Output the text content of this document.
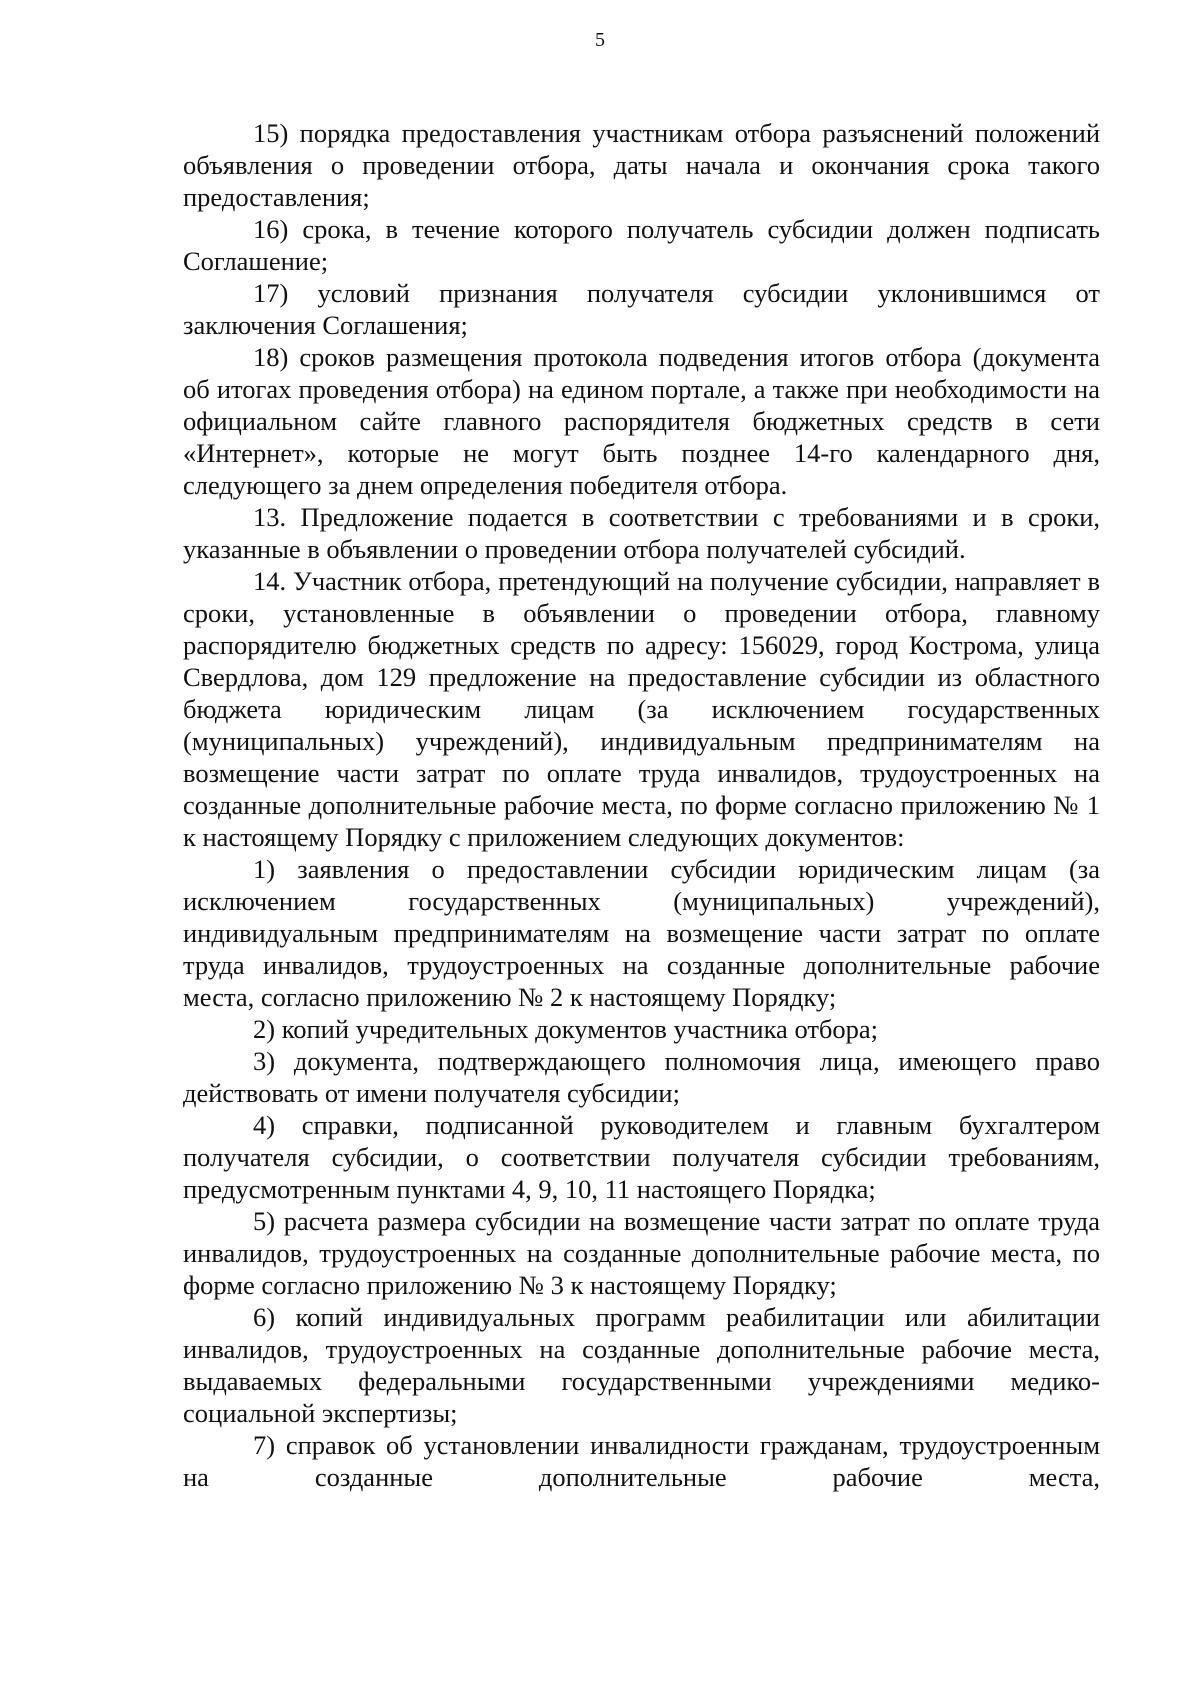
5

15) порядка предоставления участникам отбора разъяснений положений объявления о проведении отбора, даты начала и окончания срока такого предоставления;

16) срока, в течение которого получатель субсидии должен подписать Соглашение;

17) условий признания получателя субсидии уклонившимся от заключения Соглашения;

18) сроков размещения протокола подведения итогов отбора (документа об итогах проведения отбора) на едином портале, а также при необходимости на официальном сайте главного распорядителя бюджетных средств в сети «Интернет», которые не могут быть позднее 14-го календарного дня, следующего за днем определения победителя отбора.

13. Предложение подается в соответствии с требованиями и в сроки, указанные в объявлении о проведении отбора получателей субсидий.

14. Участник отбора, претендующий на получение субсидии, направляет в сроки, установленные в объявлении о проведении отбора, главному распорядителю бюджетных средств по адресу: 156029, город Кострома, улица Свердлова, дом 129 предложение на предоставление субсидии из областного бюджета юридическим лицам (за исключением государственных (муниципальных) учреждений), индивидуальным предпринимателям на возмещение части затрат по оплате труда инвалидов, трудоустроенных на созданные дополнительные рабочие места, по форме согласно приложению № 1 к настоящему Порядку с приложением следующих документов:

1) заявления о предоставлении субсидии юридическим лицам (за исключением государственных (муниципальных) учреждений), индивидуальным предпринимателям на возмещение части затрат по оплате труда инвалидов, трудоустроенных на созданные дополнительные рабочие места, согласно приложению № 2 к настоящему Порядку;

2) копий учредительных документов участника отбора;

3) документа, подтверждающего полномочия лица, имеющего право действовать от имени получателя субсидии;

4) справки, подписанной руководителем и главным бухгалтером получателя субсидии, о соответствии получателя субсидии требованиям, предусмотренным пунктами 4, 9, 10, 11 настоящего Порядка;

5) расчета размера субсидии на возмещение части затрат по оплате труда инвалидов, трудоустроенных на созданные дополнительные рабочие места, по форме согласно приложению № 3 к настоящему Порядку;

6) копий индивидуальных программ реабилитации или абилитации инвалидов, трудоустроенных на созданные дополнительные рабочие места, выдаваемых федеральными государственными учреждениями медико-социальной экспертизы;

7) справок об установлении инвалидности гражданам, трудоустроенным на созданные дополнительные рабочие места,
